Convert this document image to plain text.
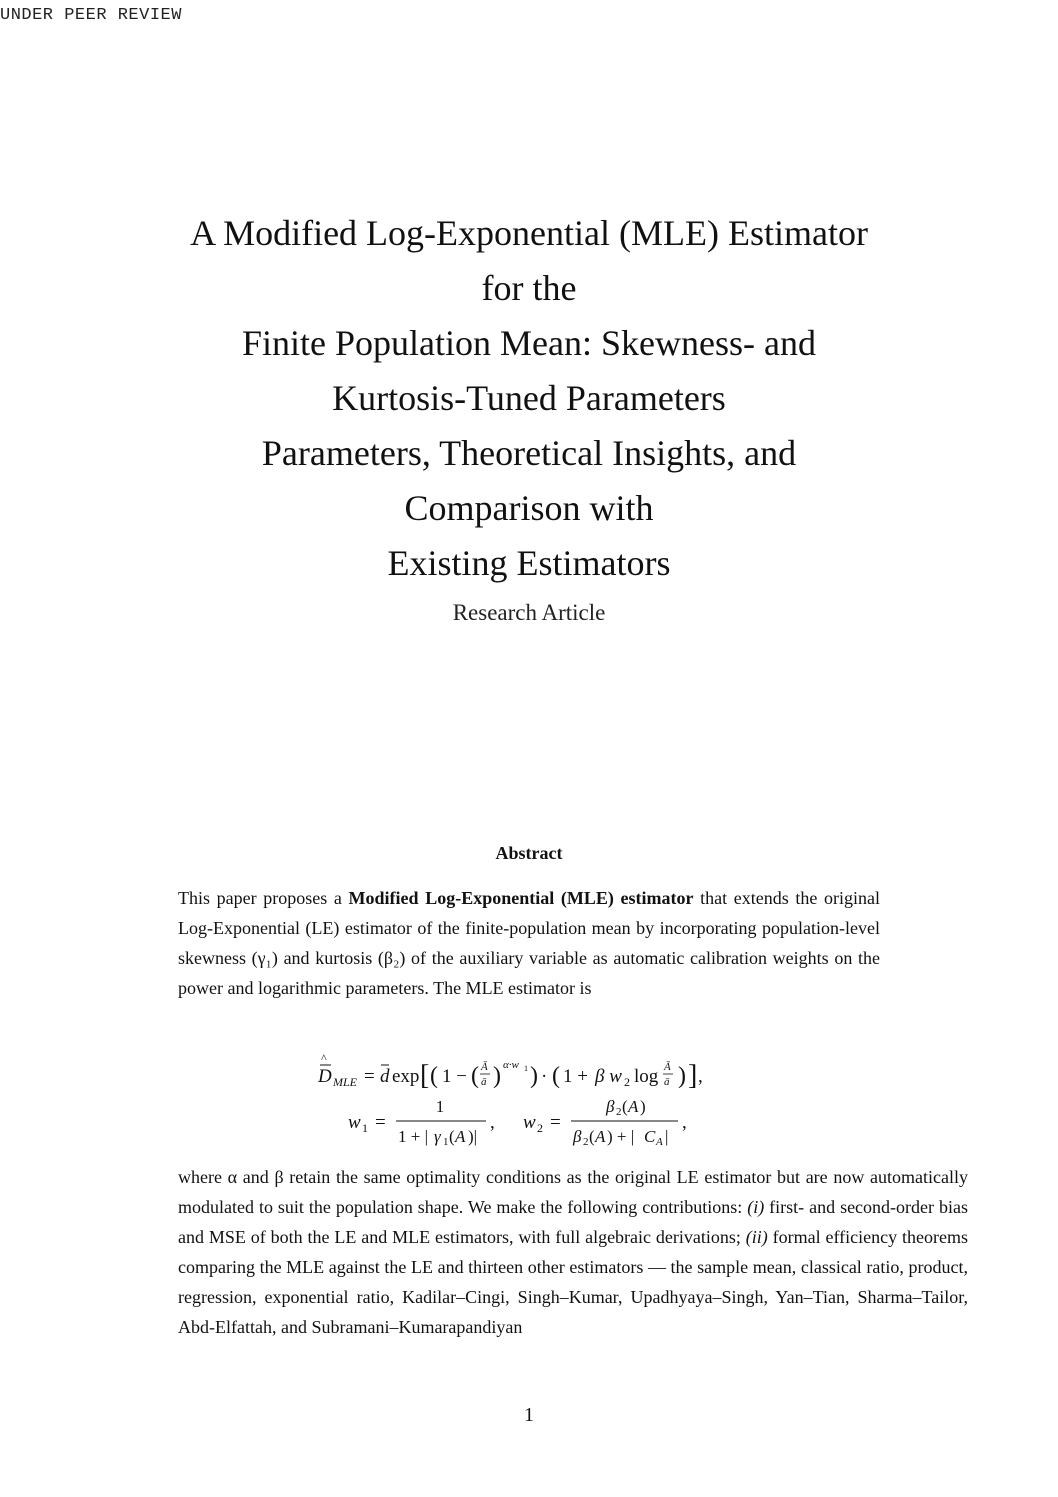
UNDER PEER REVIEW
A Modified Log-Exponential (MLE) Estimator
for the
Finite Population Mean: Skewness- and
Kurtosis-Tuned Parameters
Parameters, Theoretical Insights, and
Comparison with
Existing Estimators
Research Article
Abstract
This paper proposes a Modified Log-Exponential (MLE) estimator that extends the original Log-Exponential (LE) estimator of the finite-population mean by incorporating population-level skewness (γ₁) and kurtosis (β₂) of the auxiliary variable as automatic calibration weights on the power and logarithmic parameters. The MLE estimator is
D
^
MLE = d exp [ ( 1 − ( Ā
ā ) α·w 1 ) · ( 1 + β w 2 log Ā
ā ) ] ,
w 1 =
1
1 + | γ 1 ( A )|
, w 2 =
β 2 ( A )
β 2 ( A ) + | C A |
,
where α and β retain the same optimality conditions as the original LE estimator but are now automatically modulated to suit the population shape. We make the following contributions: (i) first- and second-order bias and MSE of both the LE and MLE estimators, with full algebraic derivations; (ii) formal efficiency theorems comparing the MLE against the LE and thirteen other estimators — the sample mean, classical ratio, product, regression, exponential ratio, Kadilar–Cingi, Singh–Kumar, Upadhyaya–Singh, Yan–Tian, Sharma–Tailor, Abd-Elfattah, and Subramani–Kumarapandiyan
1
